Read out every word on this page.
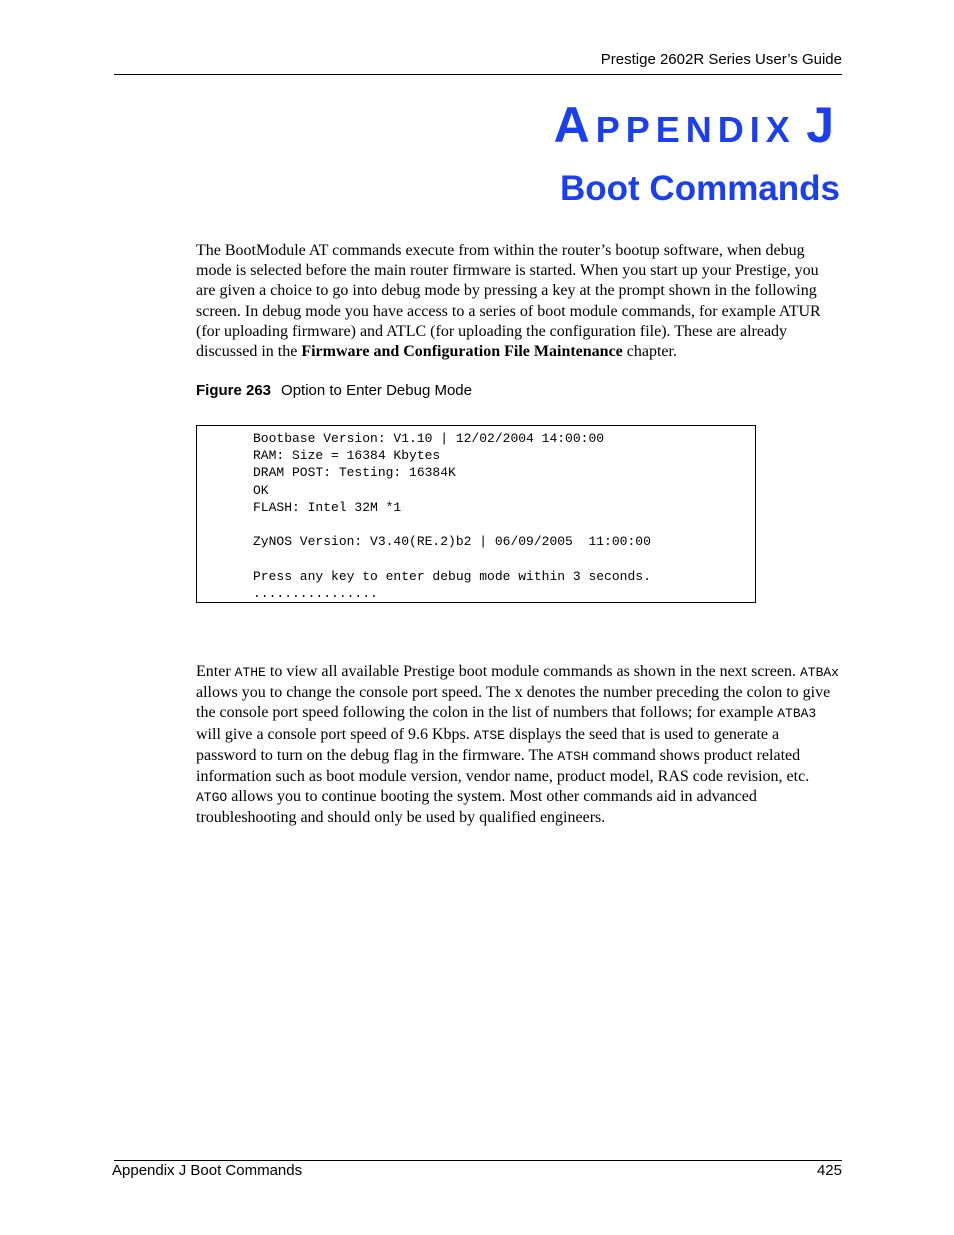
Prestige 2602R Series User’s Guide
APPENDIX J
Boot Commands

The BootModule AT commands execute from within the router’s bootup software, when debug mode is selected before the main router firmware is started. When you start up your Prestige, you are given a choice to go into debug mode by pressing a key at the prompt shown in the following screen. In debug mode you have access to a series of boot module commands, for example ATUR (for uploading firmware) and ATLC (for uploading the configuration file). These are already discussed in the Firmware and Configuration File Maintenance chapter.

Figure 263 Option to Enter Debug Mode
Bootbase Version: V1.10 | 12/02/2004 14:00:00
RAM: Size = 16384 Kbytes
DRAM POST: Testing: 16384K
OK
FLASH: Intel 32M *1
ZyNOS Version: V3.40(RE.2)b2 | 06/09/2005  11:00:00
Press any key to enter debug mode within 3 seconds.
................

Enter ATHE to view all available Prestige boot module commands as shown in the next screen. ATBAx allows you to change the console port speed. The x denotes the number preceding the colon to give the console port speed following the colon in the list of numbers that follows; for example ATBA3 will give a console port speed of 9.6 Kbps. ATSE displays the seed that is used to generate a password to turn on the debug flag in the firmware. The ATSH command shows product related information such as boot module version, vendor name, product model, RAS code revision, etc. ATGO allows you to continue booting the system. Most other commands aid in advanced troubleshooting and should only be used by qualified engineers.

Appendix J Boot Commands	425
